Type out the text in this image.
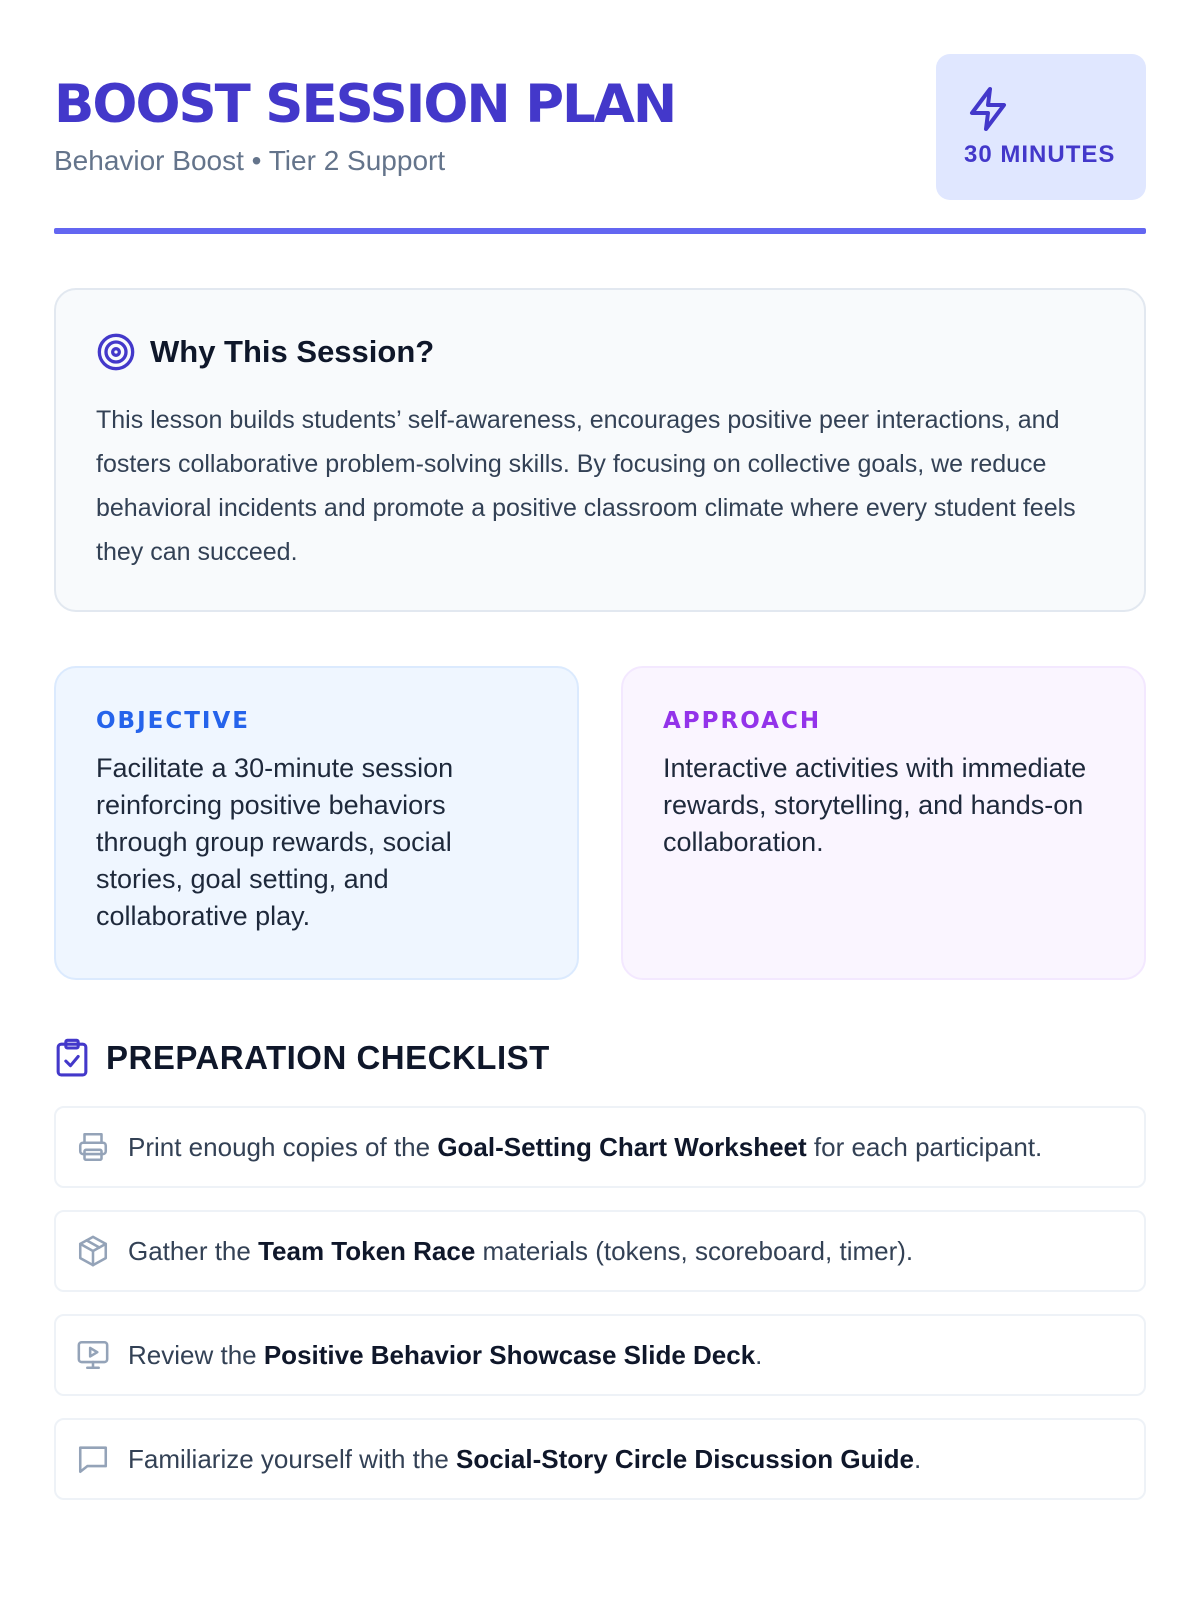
BOOST SESSION PLAN
Behavior Boost • Tier 2 Support	30 MINUTES
Why This Session?

This lesson builds students’ self-awareness, encourages positive peer interactions, and fosters collaborative problem-solving skills. By focusing on collective goals, we reduce behavioral incidents and promote a positive classroom climate where every student feels they can succeed.

OBJECTIVE

Facilitate a 30-minute session reinforcing positive behaviors through group rewards, social stories, goal setting, and collaborative play.

APPROACH

Interactive activities with immediate rewards, storytelling, and hands-on collaboration.

PREPARATION CHECKLIST
Print enough copies of the Goal-Setting Chart Worksheet for each participant.
Gather the Team Token Race materials (tokens, scoreboard, timer).
Review the Positive Behavior Showcase Slide Deck.
Familiarize yourself with the Social-Story Circle Discussion Guide.
